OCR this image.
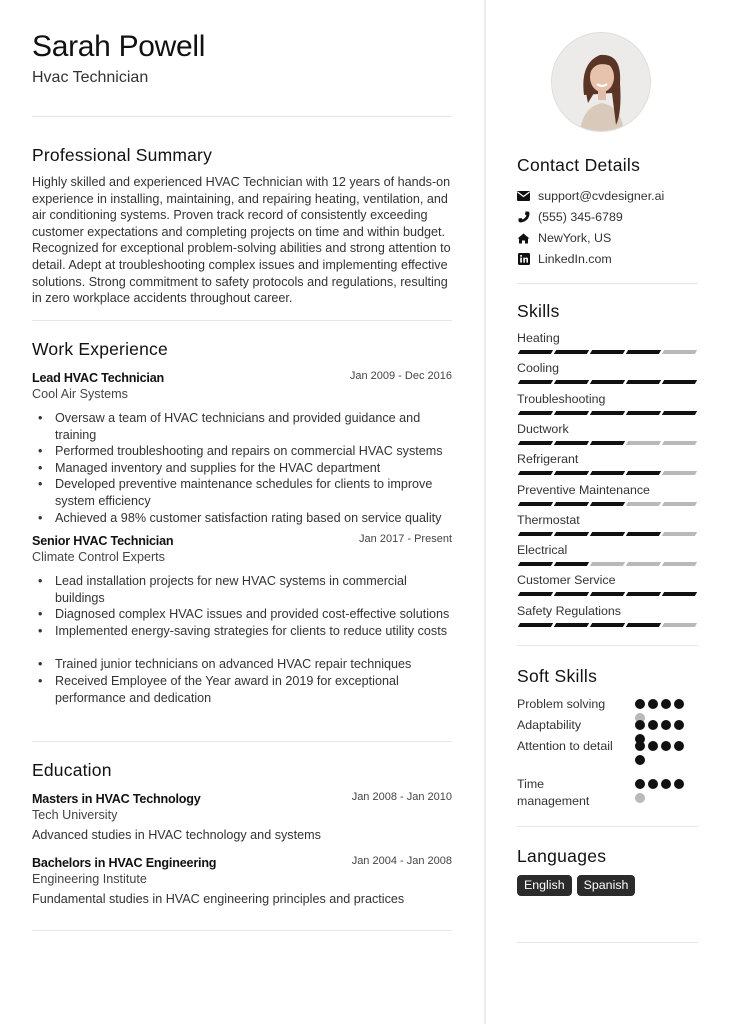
Sarah Powell
Hvac Technician
Professional Summary
Highly skilled and experienced HVAC Technician with 12 years of hands-on experience in installing, maintaining, and repairing heating, ventilation, and air conditioning systems. Proven track record of consistently exceeding customer expectations and completing projects on time and within budget. Recognized for exceptional problem-solving abilities and strong attention to detail. Adept at troubleshooting complex issues and implementing effective solutions. Strong commitment to safety protocols and regulations, resulting in zero workplace accidents throughout career.
Work Experience
Lead HVAC Technician	Jan 2009 - Dec 2016
Cool Air Systems
• Oversaw a team of HVAC technicians and provided guidance and training
• Performed troubleshooting and repairs on commercial HVAC systems
• Managed inventory and supplies for the HVAC department
• Developed preventive maintenance schedules for clients to improve system efficiency
• Achieved a 98% customer satisfaction rating based on service quality
Senior HVAC Technician	Jan 2017 - Present
Climate Control Experts
• Lead installation projects for new HVAC systems in commercial buildings
• Diagnosed complex HVAC issues and provided cost-effective solutions
• Implemented energy-saving strategies for clients to reduce utility costs
• Trained junior technicians on advanced HVAC repair techniques
• Received Employee of the Year award in 2019 for exceptional performance and dedication
Education
Masters in HVAC Technology	Jan 2008 - Jan 2010
Tech University
Advanced studies in HVAC technology and systems
Bachelors in HVAC Engineering	Jan 2004 - Jan 2008
Engineering Institute
Fundamental studies in HVAC engineering principles and practices
Contact Details
support@cvdesigner.ai
(555) 345-6789
NewYork, US
LinkedIn.com
Skills
Heating
Cooling
Troubleshooting
Ductwork
Refrigerant
Preventive Maintenance
Thermostat
Electrical
Customer Service
Safety Regulations
Soft Skills
Problem solving
Adaptability
Attention to detail
Time management
Languages
English	Spanish
